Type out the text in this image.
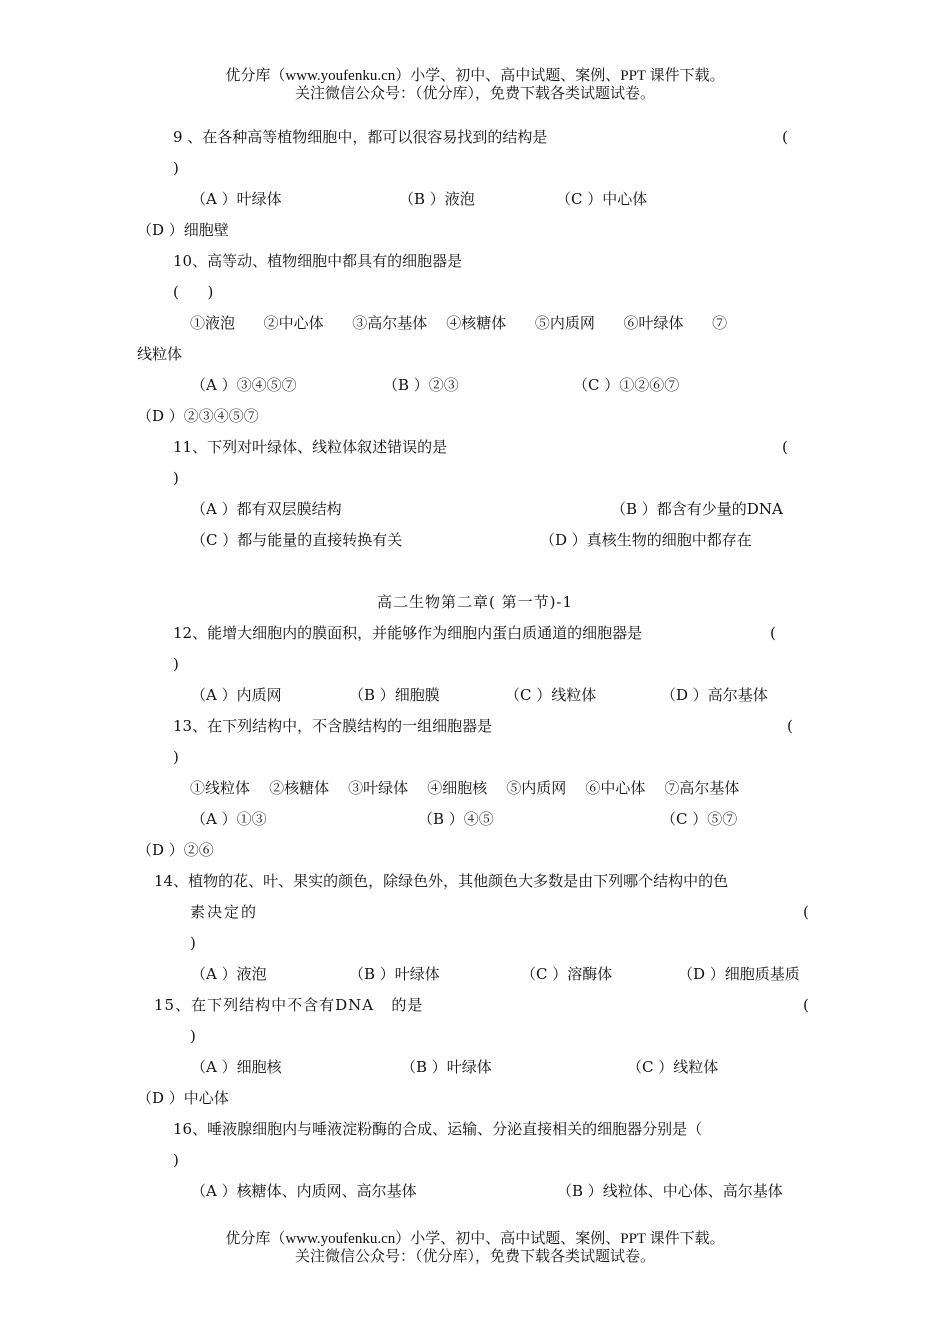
优分库（www.youfenku.cn）小学、初中、高中试题、案例、PPT 课件下载。
关注微信公众号：（优分库），免费下载各类试题试卷。
9 、在各种高等植物细胞中，都可以很容易找到的结构是	(
)
（A ）叶绿体	（B ）液泡	（C ）中心体
（D ）细胞壁
10、高等动、植物细胞中都具有的细胞器是
(      )
①液泡      ②中心体      ③高尔基体    ④核糖体      ⑤内质网      ⑥叶绿体      ⑦
线粒体
（A ）③④⑤⑦	（B ）②③	（C ）①②⑥⑦
（D ）②③④⑤⑦
11、下列对叶绿体、线粒体叙述错误的是	(
)
（A ）都有双层膜结构	（B ）都含有少量的DNA
（C ）都与能量的直接转换有关	（D ）真核生物的细胞中都存在
高二生物第二章( 第一节)-1
12、能增大细胞内的膜面积，并能够作为细胞内蛋白质通道的细胞器是	(
)
（A ）内质网	（B ）细胞膜	（C ）线粒体	（D ）高尔基体
13、在下列结构中，不含膜结构的一组细胞器是	(
)
①线粒体    ②核糖体    ③叶绿体    ④细胞核    ⑤内质网    ⑥中心体    ⑦高尔基体
（A ）①③	（B ）④⑤	（C ）⑤⑦
（D ）②⑥
14、植物的花、叶、果实的颜色，除绿色外，其他颜色大多数是由下列哪个结构中的色
素决定的	(
)
（A ）液泡	（B ）叶绿体	（C ）溶酶体	（D ）细胞质基质
15、在下列结构中不含有DNA   的是	(
)
（A ）细胞核	（B ）叶绿体	（C ）线粒体
（D ）中心体
16、唾液腺细胞内与唾液淀粉酶的合成、运输、分泌直接相关的细胞器分别是（
)
（A ）核糖体、内质网、高尔基体	（B ）线粒体、中心体、高尔基体
优分库（www.youfenku.cn）小学、初中、高中试题、案例、PPT 课件下载。
关注微信公众号：（优分库），免费下载各类试题试卷。
